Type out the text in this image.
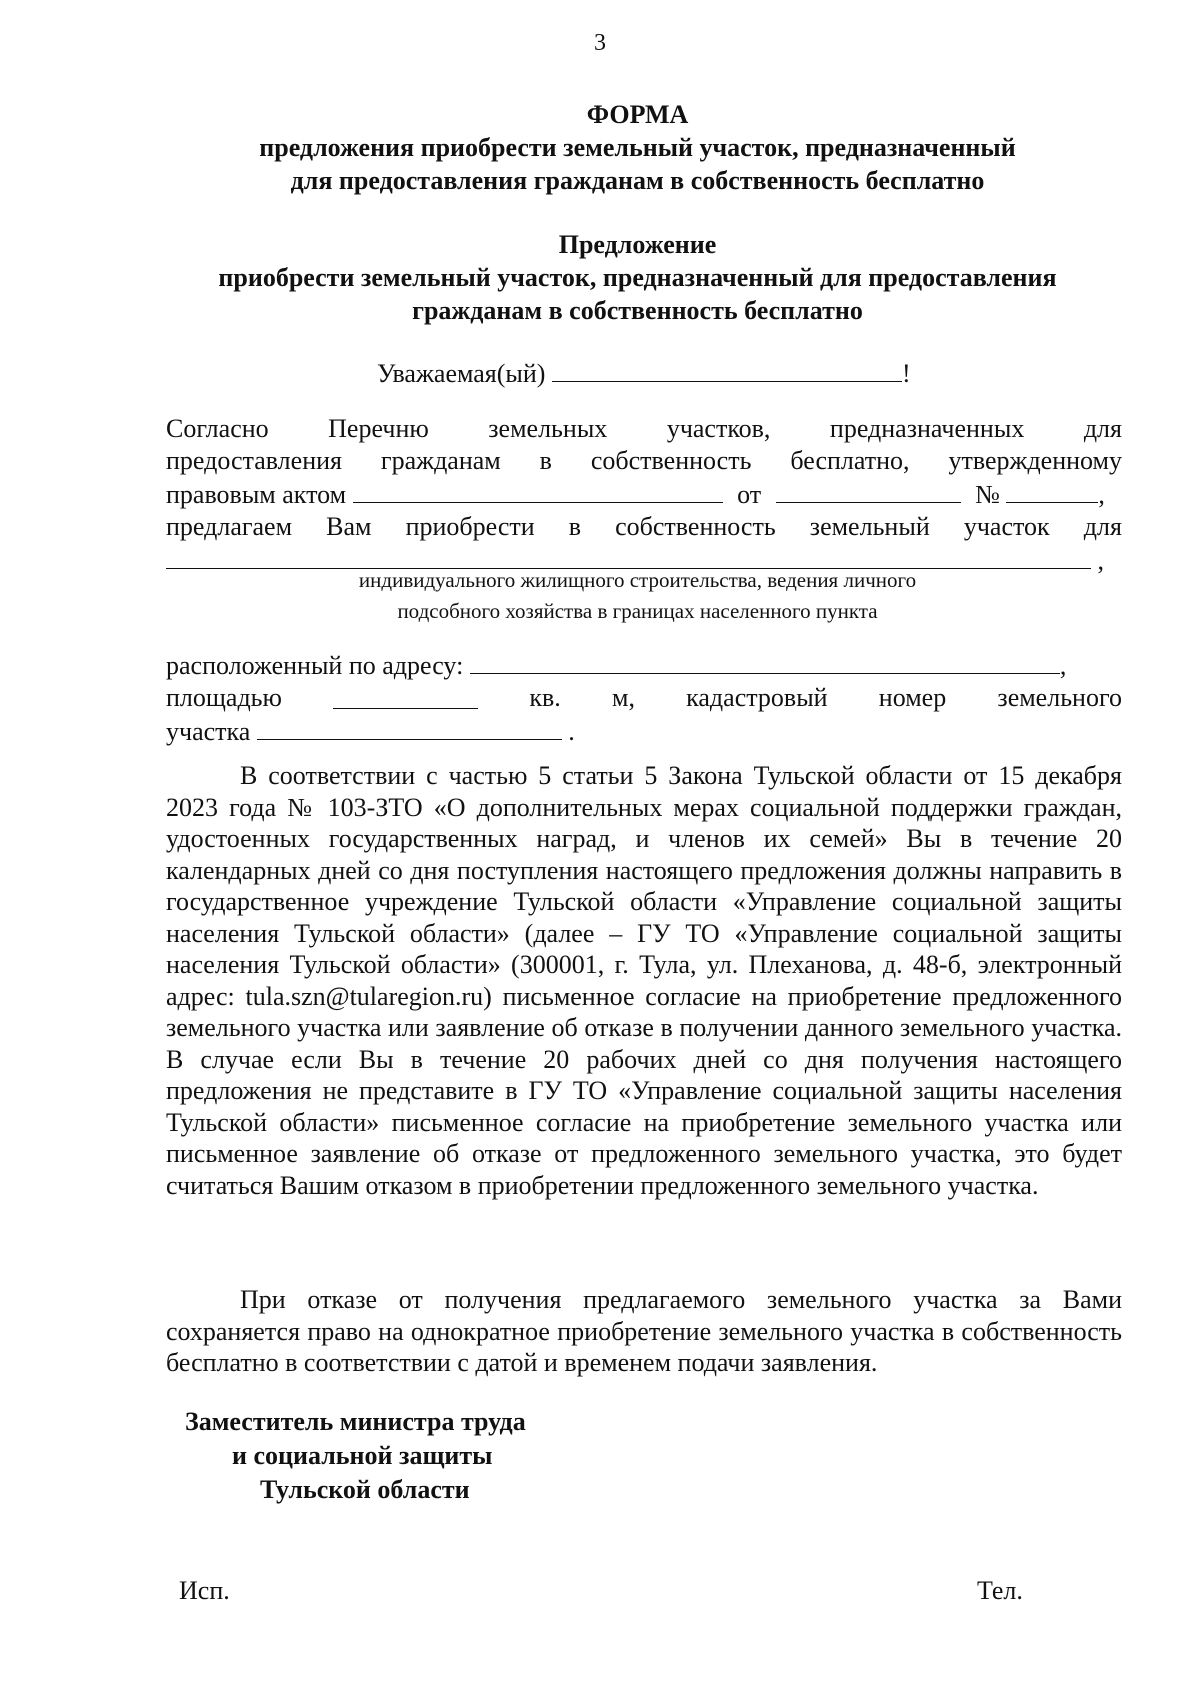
3
ФОРМА
предложения приобрести земельный участок, предназначенный
для предоставления гражданам в собственность бесплатно
Предложение
приобрести земельный участок, предназначенный для предоставления
гражданам в собственность бесплатно
Уважаемая(ый)	!
Согласно Перечню земельных участков, предназначенных для
предоставления гражданам в собственность бесплатно, утвержденному
правовым актом	от	№	,
предлагаем Вам приобрести в собственность земельный участок для
,
индивидуального жилищного строительства, ведения личного
подсобного хозяйства в границах населенного пункта
расположенный по адресу:	,
площадью	кв. м, кадастровый номер земельного
участка	.
В соответствии с частью 5 статьи 5 Закона Тульской области от 15 декабря 2023 года № 103-ЗТО «О дополнительных мерах социальной поддержки граждан, удостоенных государственных наград, и членов их семей» Вы в течение 20 календарных дней со дня поступления настоящего предложения должны направить в государственное учреждение Тульской области «Управление социальной защиты населения Тульской области» (далее – ГУ ТО «Управление социальной защиты населения Тульской области» (300001, г. Тула, ул. Плеханова, д. 48-б, электронный адрес: tula.szn@tularegion.ru) письменное согласие на приобретение предложенного земельного участка или заявление об отказе в получении данного земельного участка. В случае если Вы в течение 20 рабочих дней со дня получения настоящего предложения не представите в ГУ ТО «Управление социальной защиты населения Тульской области» письменное согласие на приобретение земельного участка или письменное заявление об отказе от предложенного земельного участка, это будет считаться Вашим отказом в приобретении предложенного земельного участка.
При отказе от получения предлагаемого земельного участка за Вами сохраняется право на однократное приобретение земельного участка в собственность бесплатно в соответствии с датой и временем подачи заявления.
Заместитель министра труда
и социальной защиты
Тульской области
Исп.	Тел.
